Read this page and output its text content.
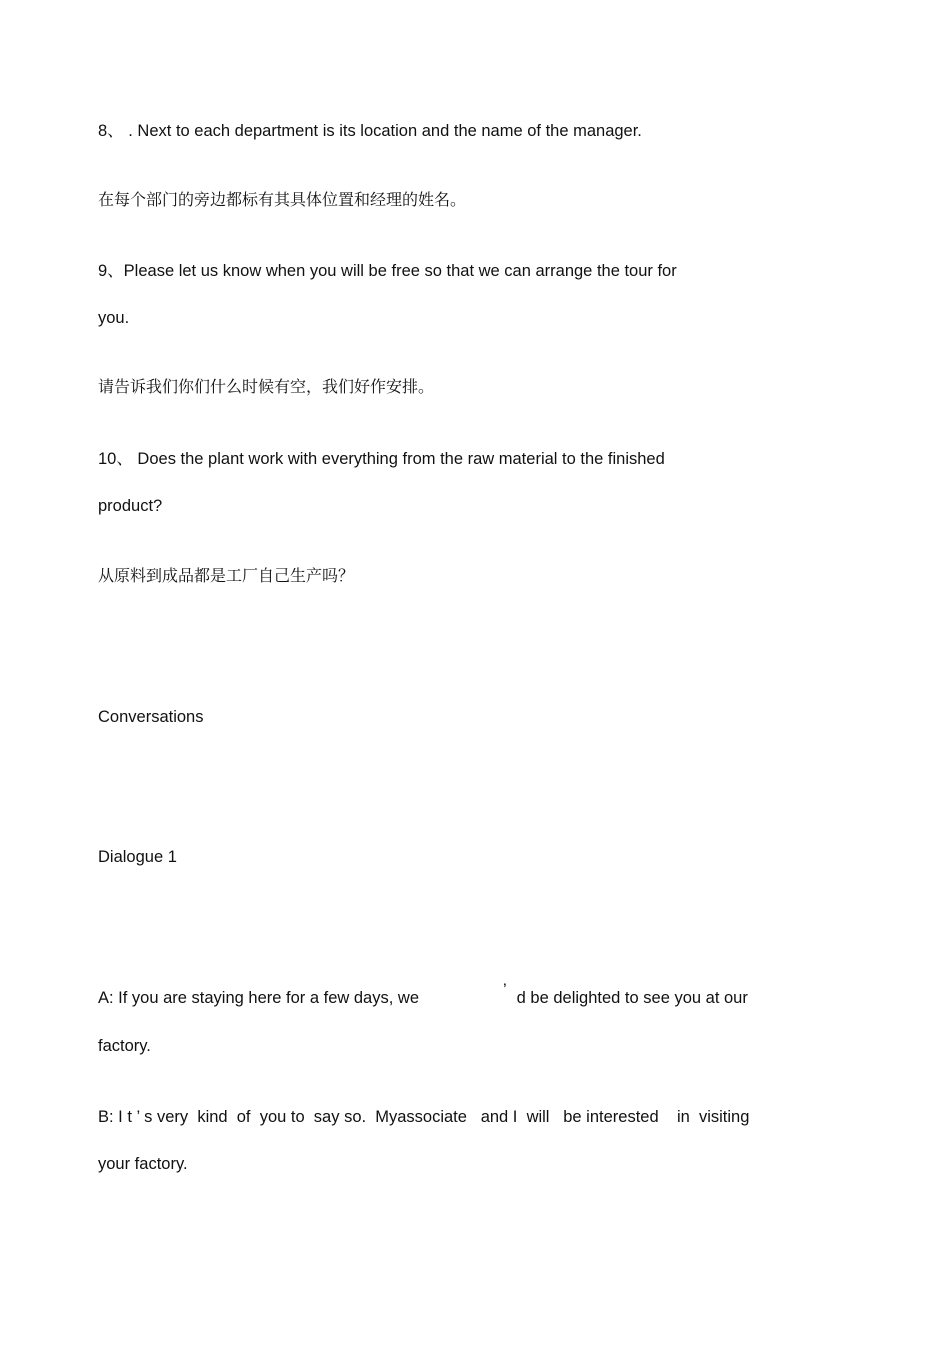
8、 . Next to each department is its location and the name of the manager.

在每个部门的旁边都标有其具体位置和经理的姓名。

9、Please let us know when you will be free so that we can arrange the tour for

you.

请告诉我们你们什么时候有空，我们好作安排。

10、 Does the plant work with everything from the raw material to the finished

product?

从原料到成品都是工厂自己生产吗？

Conversations

Dialogue 1

A: If you are staying here for a few days, we	’ d be delighted to see you at our

factory.

B: I t ’ s very  kind  of  you to  say so.  Myassociate   and I  will   be interested    in  visiting

your factory.
